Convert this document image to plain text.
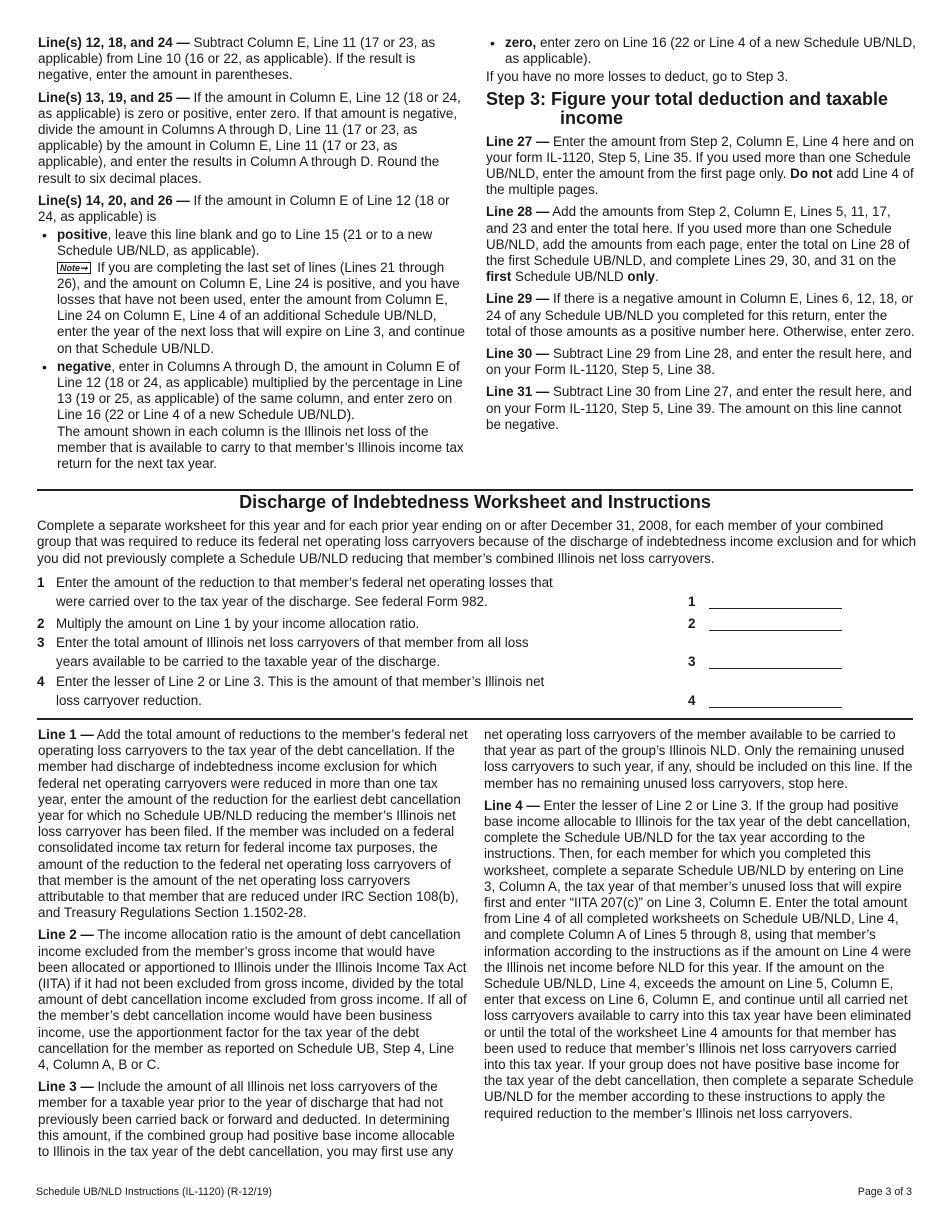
Line(s) 12, 18, and 24 — Subtract Column E, Line 11 (17 or 23, as applicable) from Line 10 (16 or 22, as applicable). If the result is negative, enter the amount in parentheses.

Line(s) 13, 19, and 25 — If the amount in Column E, Line 12 (18 or 24, as applicable) is zero or positive, enter zero. If that amount is negative, divide the amount in Columns A through D, Line 11 (17 or 23, as applicable) by the amount in Column E, Line 11 (17 or 23, as applicable), and enter the results in Column A through D. Round the result to six decimal places.

Line(s) 14, 20, and 26 — If the amount in Column E of Line 12 (18 or 24, as applicable) is

• positive, leave this line blank and go to Line 15 (21 or to a new Schedule UB/NLD, as applicable).
Note➞ If you are completing the last set of lines (Lines 21 through 26), and the amount on Column E, Line 24 is positive, and you have losses that have not been used, enter the amount from Column E, Line 24 on Column E, Line 4 of an additional Schedule UB/NLD, enter the year of the next loss that will expire on Line 3, and continue on that Schedule UB/NLD.
• negative, enter in Columns A through D, the amount in Column E of Line 12 (18 or 24, as applicable) multiplied by the percentage in Line 13 (19 or 25, as applicable) of the same column, and enter zero on Line 16 (22 or Line 4 of a new Schedule UB/NLD).
The amount shown in each column is the Illinois net loss of the member that is available to carry to that member’s Illinois income tax return for the next tax year.
• zero, enter zero on Line 16 (22 or Line 4 of a new Schedule UB/NLD, as applicable).

If you have no more losses to deduct, go to Step 3.

Step 3: Figure your total deduction and taxable income

Line 27 — Enter the amount from Step 2, Column E, Line 4 here and on your form IL-1120, Step 5, Line 35. If you used more than one Schedule UB/NLD, enter the amount from the first page only. Do not add Line 4 of the multiple pages.

Line 28 — Add the amounts from Step 2, Column E, Lines 5, 11, 17, and 23 and enter the total here. If you used more than one Schedule UB/NLD, add the amounts from each page, enter the total on Line 28 of the first Schedule UB/NLD, and complete Lines 29, 30, and 31 on the first Schedule UB/NLD only.

Line 29 — If there is a negative amount in Column E, Lines 6, 12, 18, or 24 of any Schedule UB/NLD you completed for this return, enter the total of those amounts as a positive number here. Otherwise, enter zero.

Line 30 — Subtract Line 29 from Line 28, and enter the result here, and on your Form IL-1120, Step 5, Line 38.

Line 31 — Subtract Line 30 from Line 27, and enter the result here, and on your Form IL-1120, Step 5, Line 39. The amount on this line cannot be negative.

Discharge of Indebtedness Worksheet and Instructions

Complete a separate worksheet for this year and for each prior year ending on or after December 31, 2008, for each member of your combined group that was required to reduce its federal net operating loss carryovers because of the discharge of indebtedness income exclusion and for which you did not previously complete a Schedule UB/NLD reducing that member’s combined Illinois net loss carryovers.

1 Enter the amount of the reduction to that member’s federal net operating losses that were carried over to the tax year of the discharge. See federal Form 982.	1
2 Multiply the amount on Line 1 by your income allocation ratio.	2
3 Enter the total amount of Illinois net loss carryovers of that member from all loss years available to be carried to the taxable year of the discharge.	3
4 Enter the lesser of Line 2 or Line 3. This is the amount of that member’s Illinois net loss carryover reduction.	4

Line 1 — Add the total amount of reductions to the member’s federal net operating loss carryovers to the tax year of the debt cancellation. If the member had discharge of indebtedness income exclusion for which federal net operating carryovers were reduced in more than one tax year, enter the amount of the reduction for the earliest debt cancellation year for which no Schedule UB/NLD reducing the member’s Illinois net loss carryover has been filed. If the member was included on a federal consolidated income tax return for federal income tax purposes, the amount of the reduction to the federal net operating loss carryovers of that member is the amount of the net operating loss carryovers attributable to that member that are reduced under IRC Section 108(b), and Treasury Regulations Section 1.1502-28.

Line 2 — The income allocation ratio is the amount of debt cancellation income excluded from the member’s gross income that would have been allocated or apportioned to Illinois under the Illinois Income Tax Act (IITA) if it had not been excluded from gross income, divided by the total amount of debt cancellation income excluded from gross income. If all of the member’s debt cancellation income would have been business income, use the apportionment factor for the tax year of the debt cancellation for the member as reported on Schedule UB, Step 4, Line 4, Column A, B or C.

Line 3 — Include the amount of all Illinois net loss carryovers of the member for a taxable year prior to the year of discharge that had not previously been carried back or forward and deducted. In determining this amount, if the combined group had positive base income allocable to Illinois in the tax year of the debt cancellation, you may first use any

net operating loss carryovers of the member available to be carried to that year as part of the group’s Illinois NLD. Only the remaining unused loss carryovers to such year, if any, should be included on this line. If the member has no remaining unused loss carryovers, stop here.

Line 4 — Enter the lesser of Line 2 or Line 3. If the group had positive base income allocable to Illinois for the tax year of the debt cancellation, complete the Schedule UB/NLD for the tax year according to the instructions. Then, for each member for which you completed this worksheet, complete a separate Schedule UB/NLD by entering on Line 3, Column A, the tax year of that member’s unused loss that will expire first and enter “IITA 207(c)” on Line 3, Column E. Enter the total amount from Line 4 of all completed worksheets on Schedule UB/NLD, Line 4, and complete Column A of Lines 5 through 8, using that member’s information according to the instructions as if the amount on Line 4 were the Illinois net income before NLD for this year. If the amount on the Schedule UB/NLD, Line 4, exceeds the amount on Line 5, Column E, enter that excess on Line 6, Column E, and continue until all carried net loss carryovers available to carry into this tax year have been eliminated or until the total of the worksheet Line 4 amounts for that member has been used to reduce that member’s Illinois net loss carryovers carried into this tax year. If your group does not have positive base income for the tax year of the debt cancellation, then complete a separate Schedule UB/NLD for the member according to these instructions to apply the required reduction to the member’s Illinois net loss carryovers.

Schedule UB/NLD Instructions (IL-1120) (R-12/19)	Page 3 of 3
